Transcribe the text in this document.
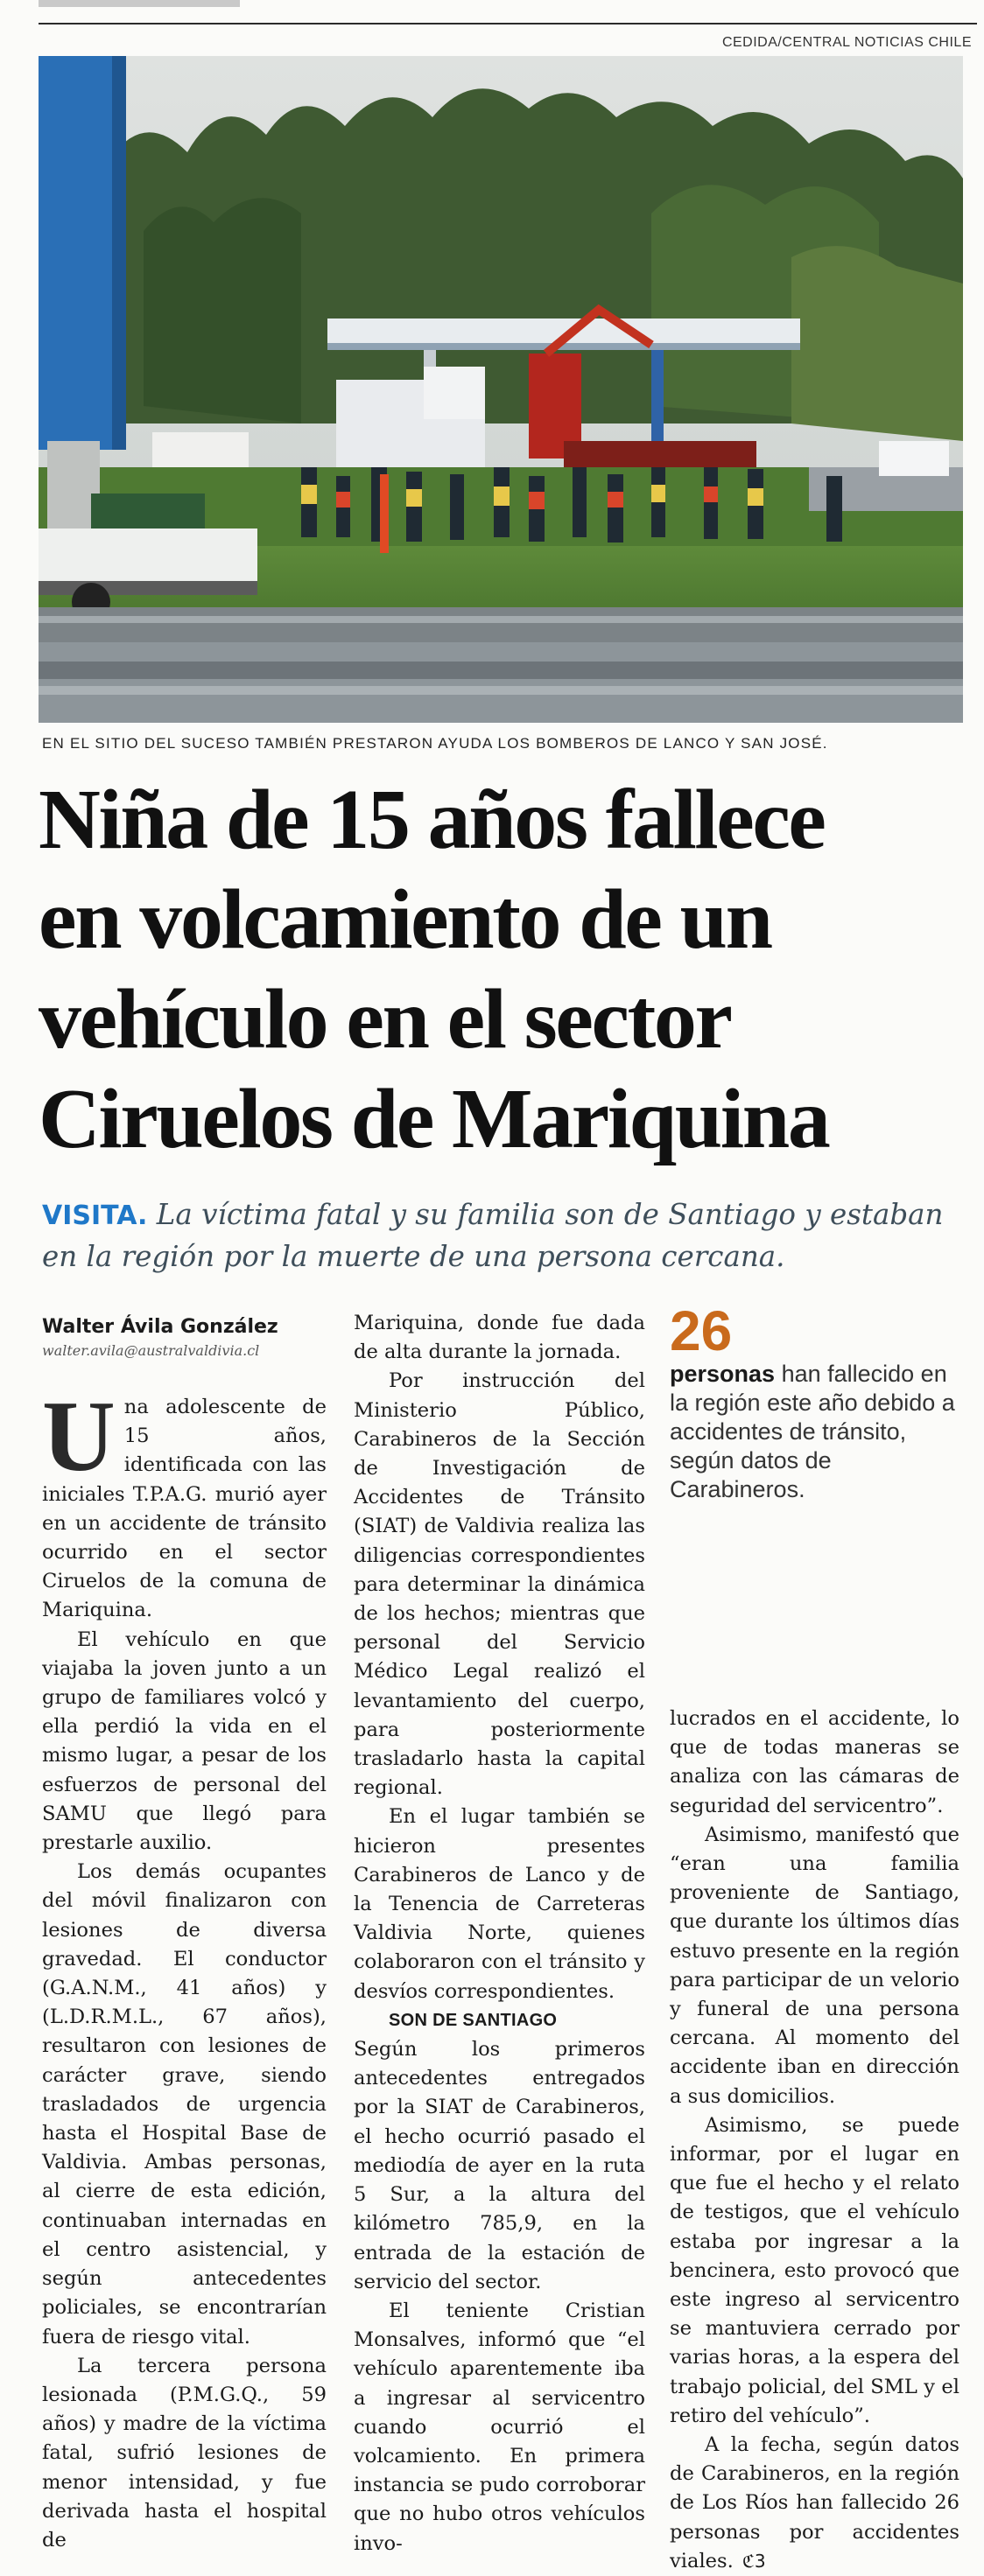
CEDIDA/CENTRAL NOTICIAS CHILE
EN EL SITIO DEL SUCESO TAMBIÉN PRESTARON AYUDA LOS BOMBEROS DE LANCO Y SAN JOSÉ.
Niña de 15 años fallece
en volcamiento de un
vehículo en el sector
Ciruelos de Mariquina
VISITA. La víctima fatal y su familia son de Santiago y estaban en la región por la muerte de una persona cercana.
Walter Ávila González
walter.avila@australvaldivia.cl

Una adolescente de 15 años, identificada con las iniciales T.P.A.G. murió ayer en un accidente de tránsito ocurrido en el sector Ciruelos de la comuna de Mariquina.

El vehículo en que viajaba la joven junto a un grupo de familiares volcó y ella perdió la vida en el mismo lugar, a pesar de los esfuerzos de personal del SAMU que llegó para prestarle auxilio.

Los demás ocupantes del móvil finalizaron con lesiones de diversa gravedad. El conductor (G.A.N.M., 41 años) y (L.D.R.M.L., 67 años), resultaron con lesiones de carácter grave, siendo trasladados de urgencia hasta el Hospital Base de Valdivia. Ambas personas, al cierre de esta edición, continuaban internadas en el centro asistencial, y según antecedentes policiales, se encontrarían fuera de riesgo vital.

La tercera persona lesionada (P.M.G.Q., 59 años) y madre de la víctima fatal, sufrió lesiones de menor intensidad, y fue derivada hasta el hospital de

Mariquina, donde fue dada de alta durante la jornada.

Por instrucción del Ministerio Público, Carabineros de la Sección de Investigación de Accidentes de Tránsito (SIAT) de Valdivia realiza las diligencias correspondientes para determinar la dinámica de los hechos; mientras que personal del Servicio Médico Legal realizó el levantamiento del cuerpo, para posteriormente trasladarlo hasta la capital regional.

En el lugar también se hicieron presentes Carabineros de Lanco y de la Tenencia de Carreteras Valdivia Norte, quienes colaboraron con el tránsito y desvíos correspondientes.

SON DE SANTIAGO

Según los primeros antecedentes entregados por la SIAT de Carabineros, el hecho ocurrió pasado el mediodía de ayer en la ruta 5 Sur, a la altura del kilómetro 785,9, en la entrada de la estación de servicio del sector.

El teniente Cristian Monsalves, informó que “el vehículo aparentemente iba a ingresar al servicentro cuando ocurrió el volcamiento. En primera instancia se pudo corroborar que no hubo otros vehículos invo-

26
personas han fallecido en la región este año debido a accidentes de tránsito, según datos de Carabineros.

lucrados en el accidente, lo que de todas maneras se analiza con las cámaras de seguridad del servicentro”.

Asimismo, manifestó que “eran una familia proveniente de Santiago, que durante los últimos días estuvo presente en la región para participar de un velorio y funeral de una persona cercana. Al momento del accidente iban en dirección a sus domicilios.

Asimismo, se puede informar, por el lugar en que fue el hecho y el relato de testigos, que el vehículo estaba por ingresar a la bencinera, esto provocó que este ingreso al servicentro se mantuviera cerrado por varias horas, a la espera del trabajo policial, del SML y el retiro del vehículo”.

A la fecha, según datos de Carabineros, en la región de Los Ríos han fallecido 26 personas por accidentes viales. ℭ3
